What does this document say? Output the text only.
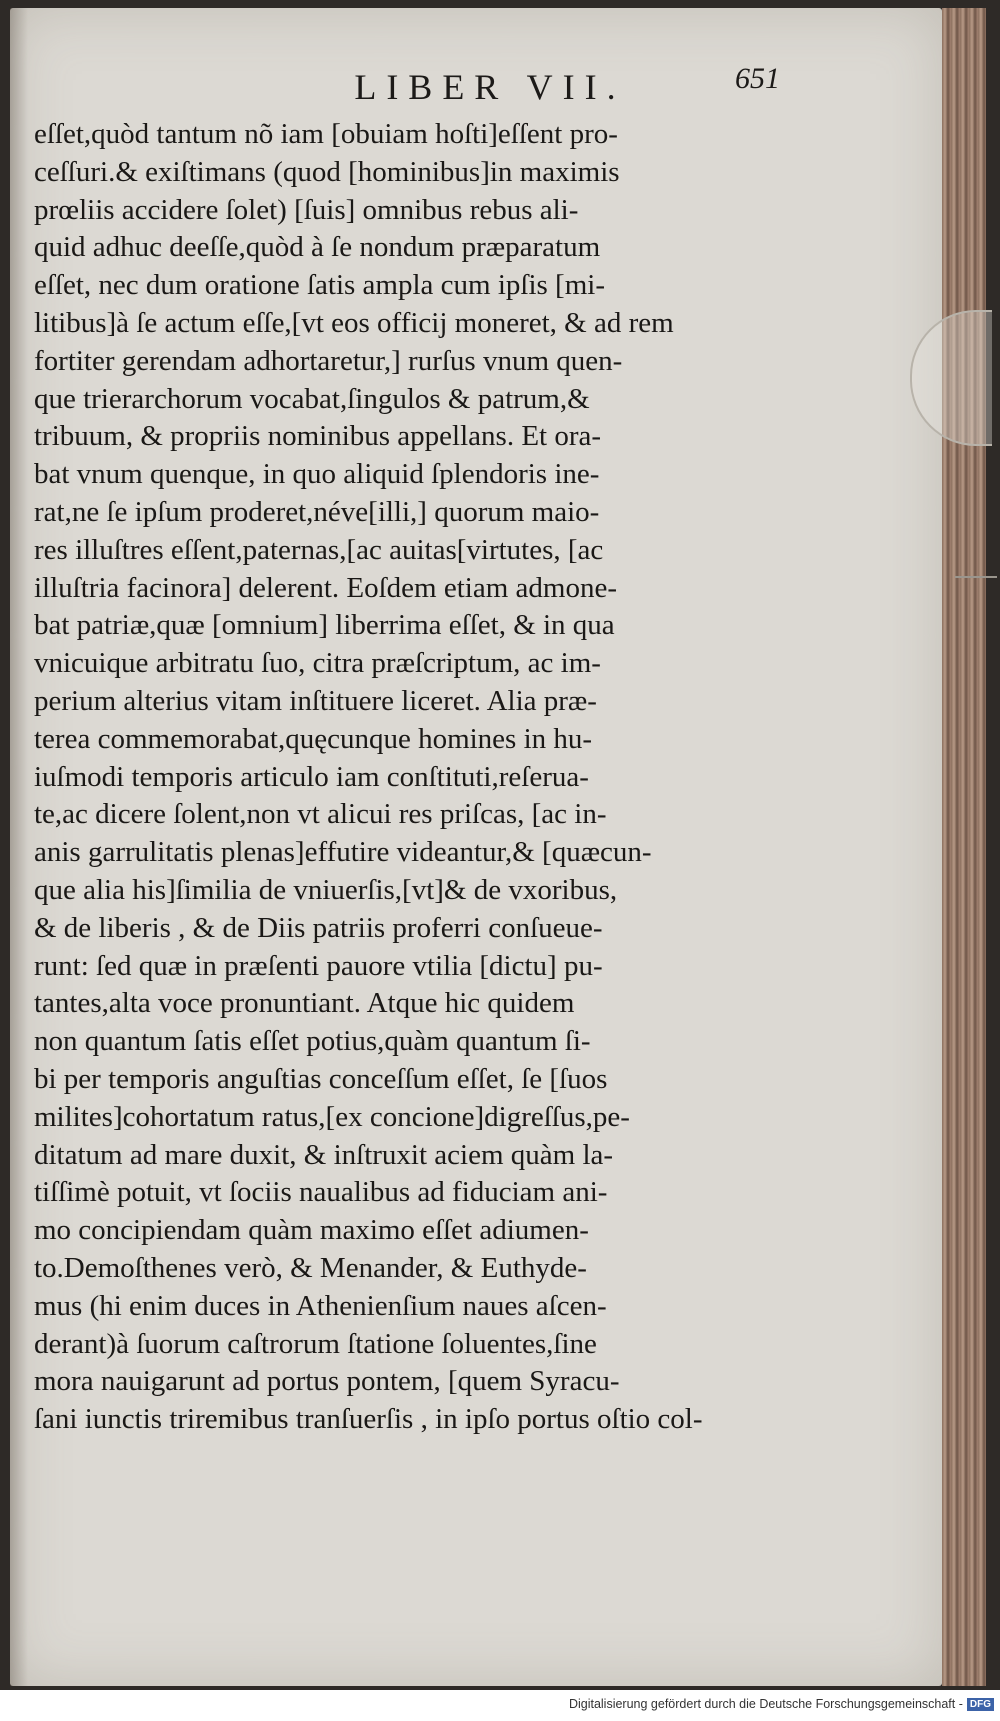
LIBER VII.	651
eſſet,quòd tantum nõ iam [obuiam hoſti]eſſent pro-
ceſſuri.& exiſtimans (quod [hominibus]in maximis
prœliis accidere ſolet) [ſuis] omnibus rebus ali-
quid adhuc deeſſe,quòd à ſe nondum præparatum
eſſet, nec dum oratione ſatis ampla cum ipſis [mi-
litibus]à ſe actum eſſe,[vt eos officij moneret, & ad rem
fortiter gerendam adhortaretur,] rurſus vnum quen-
que trierarchorum vocabat,ſingulos & patrum,&
tribuum, & propriis nominibus appellans. Et ora-
bat vnum quenque, in quo aliquid ſplendoris ine-
rat,ne ſe ipſum proderet,néve[illi,] quorum maio-
res illuſtres eſſent,paternas,[ac auitas[virtutes, [ac
illuſtria facinora] delerent. Eoſdem etiam admone-
bat patriæ,quæ [omnium] liberrima eſſet, & in qua
vnicuique arbitratu ſuo, citra præſcriptum, ac im-
perium alterius vitam inſtituere liceret. Alia præ-
terea commemorabat,quęcunque homines in hu-
iuſmodi temporis articulo iam conſtituti,reſerua-
te,ac dicere ſolent,non vt alicui res priſcas, [ac in-
anis garrulitatis plenas]effutire videantur,& [quæcun-
que alia his]ſimilia de vniuerſis,[vt]& de vxoribus,
& de liberis , & de Diis patriis proferri conſueue-
runt: ſed quæ in præſenti pauore vtilia [dictu] pu-
tantes,alta voce pronuntiant. Atque hic quidem
non quantum ſatis eſſet potius,quàm quantum ſi-
bi per temporis anguſtias conceſſum eſſet, ſe [ſuos
milites]cohortatum ratus,[ex concione]digreſſus,pe-
ditatum ad mare duxit, & inſtruxit aciem quàm la-
tiſſimè potuit, vt ſociis naualibus ad fiduciam ani-
mo concipiendam quàm maximo eſſet adiumen-
to.Demoſthenes verò, & Menander, & Euthyde-
mus (hi enim duces in Athenienſium naues aſcen-
derant)à ſuorum caſtrorum ſtatione ſoluentes,ſine
mora nauigarunt ad portus pontem, [quem Syracu-
ſani iunctis triremibus tranſuerſis , in ipſo portus oſtio col-
Digitalisierung gefördert durch die Deutsche Forschungsgemeinschaft - DFG
